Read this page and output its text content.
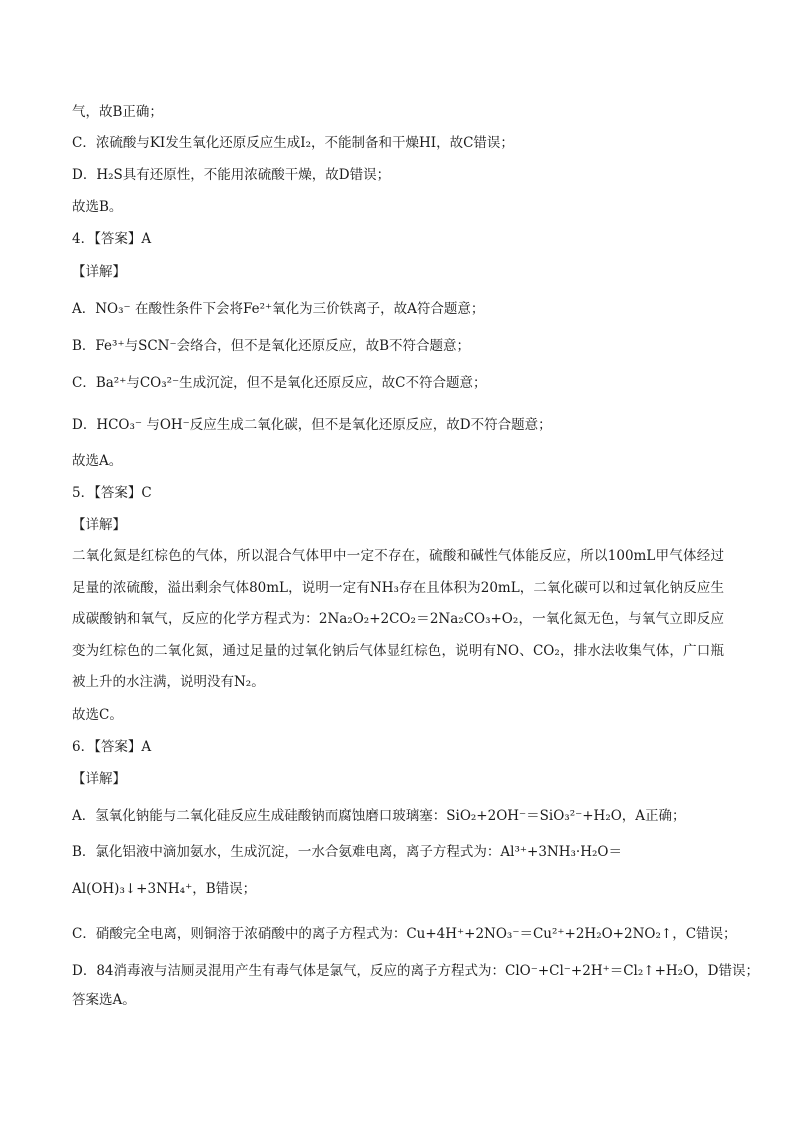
气，故B正确；
C．浓硫酸与KI发生氧化还原反应生成I₂，不能制备和干燥HI，故C错误；
D．H₂S具有还原性，不能用浓硫酸干燥，故D错误；
故选B。
4．【答案】A
【详解】
A．NO₃⁻ 在酸性条件下会将Fe²⁺氧化为三价铁离子，故A符合题意；
B．Fe³⁺与SCN⁻会络合，但不是氧化还原反应，故B不符合题意；
C．Ba²⁺与CO₃²⁻生成沉淀，但不是氧化还原反应，故C不符合题意；
D．HCO₃⁻ 与OH⁻反应生成二氧化碳，但不是氧化还原反应，故D不符合题意；
故选A。
5．【答案】C
【详解】
二氧化氮是红棕色的气体，所以混合气体甲中一定不存在，硫酸和碱性气体能反应，所以100mL甲气体经过足量的浓硫酸，溢出剩余气体80mL，说明一定有NH₃存在且体积为20mL，二氧化碳可以和过氧化钠反应生成碳酸钠和氧气，反应的化学方程式为：2Na₂O₂+2CO₂＝2Na₂CO₃+O₂，一氧化氮无色，与氧气立即反应变为红棕色的二氧化氮，通过足量的过氧化钠后气体显红棕色，说明有NO、CO₂，排水法收集气体，广口瓶被上升的水注满，说明没有N₂。
故选C。
6．【答案】A
【详解】
A．氢氧化钠能与二氧化硅反应生成硅酸钠而腐蚀磨口玻璃塞：SiO₂+2OH⁻＝SiO₃²⁻+H₂O，A正确；
B．氯化铝液中滴加氨水，生成沉淀，一水合氨难电离，离子方程式为：Al³⁺+3NH₃·H₂O＝
Al(OH)₃↓+3NH₄⁺，B错误；
C．硝酸完全电离，则铜溶于浓硝酸中的离子方程式为：Cu+4H⁺+2NO₃⁻＝Cu²⁺+2H₂O+2NO₂↑，C错误；
D．84消毒液与洁厕灵混用产生有毒气体是氯气，反应的离子方程式为：ClO⁻+Cl⁻+2H⁺＝Cl₂↑+H₂O，D错误；
答案选A。
